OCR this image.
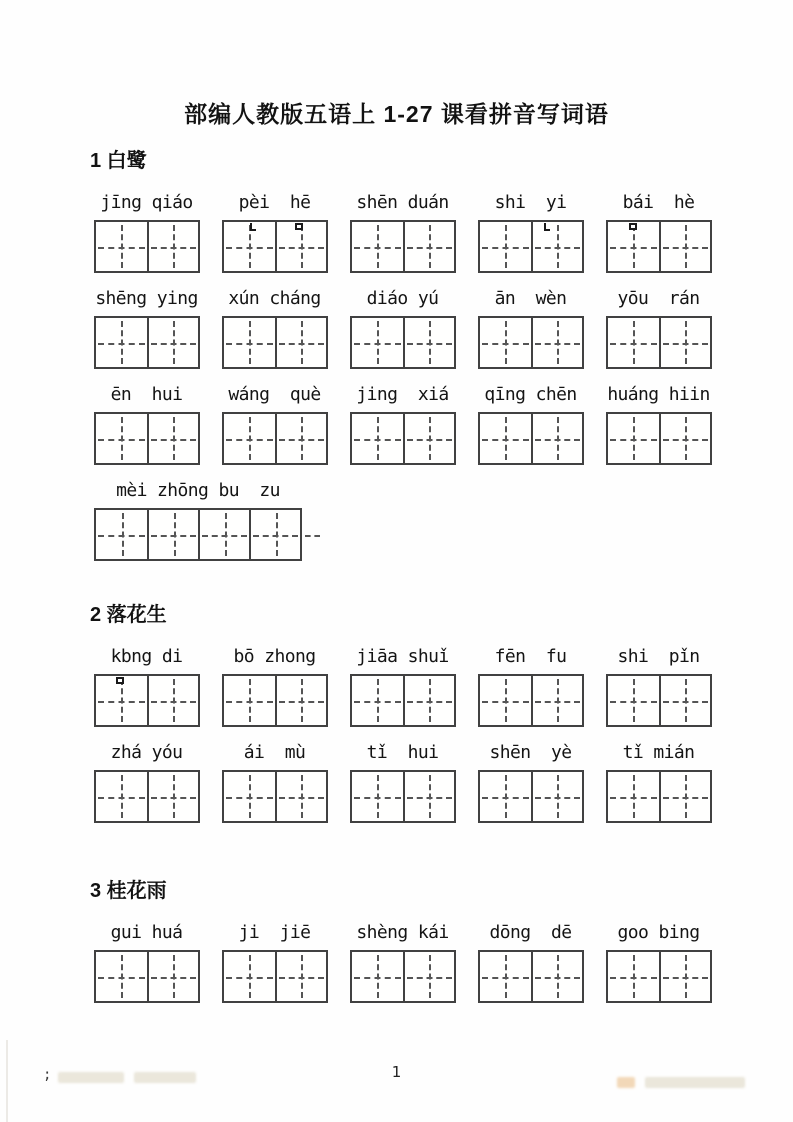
部编人教版五语上 1-27 课看拼音写词语
1 白鹭
jīng qiáo	pèi  hē	shēn duán	shi  yi	bái  hè
shēng ying	xún cháng	diáo yú	ān  wèn	yōu  rán
ēn  hui	wáng  què	jing  xiá	qīng chēn	huáng hiin
mèi zhōng bu  zu
2 落花生
kbng di	bō zhong	jiāa shuǐ	fēn  fu	shi  pǐn
zhá yóu	ái  mù	tǐ  hui	shēn  yè	tǐ mián
3 桂花雨
gui huá	ji  jiē	shèng kái	dōng  dē	goo bing
;	1
